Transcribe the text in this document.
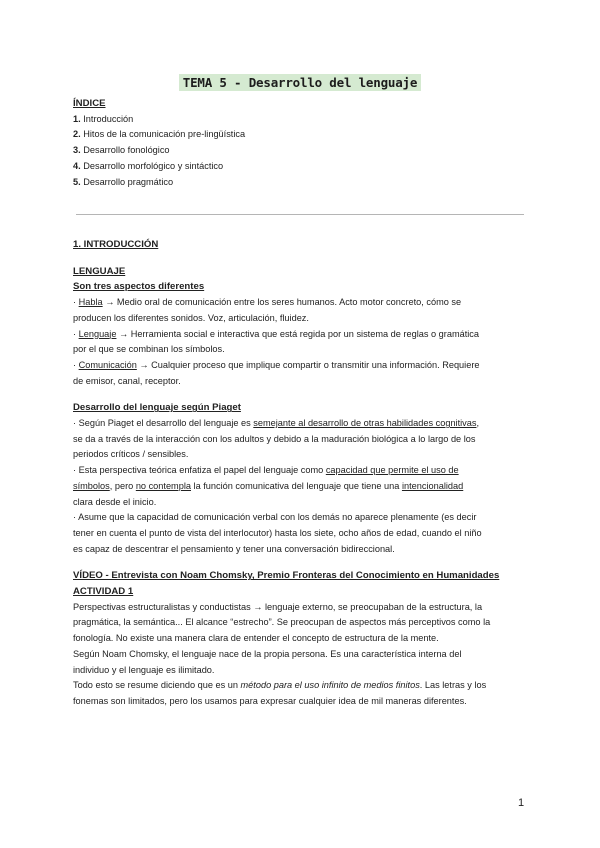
TEMA 5 - Desarrollo del lenguaje
ÍNDICE
1. Introducción
2. Hitos de la comunicación pre-lingüística
3. Desarrollo fonológico
4. Desarrollo morfológico y sintáctico
5. Desarrollo pragmático
1. INTRODUCCIÓN
LENGUAJE
Son tres aspectos diferentes
· Habla → Medio oral de comunicación entre los seres humanos. Acto motor concreto, cómo se
producen los diferentes sonidos. Voz, articulación, fluidez.
· Lenguaje → Herramienta social e interactiva que está regida por un sistema de reglas o gramática
por el que se combinan los símbolos.
· Comunicación → Cualquier proceso que implique compartir o transmitir una información. Requiere
de emisor, canal, receptor.
Desarrollo del lenguaje según Piaget
· Según Piaget el desarrollo del lenguaje es semejante al desarrollo de otras habilidades cognitivas,
se da a través de la interacción con los adultos y debido a la maduración biológica a lo largo de los
periodos críticos / sensibles.
· Esta perspectiva teórica enfatiza el papel del lenguaje como capacidad que permite el uso de
símbolos, pero no contempla la función comunicativa del lenguaje que tiene una intencionalidad
clara desde el inicio.
· Asume que la capacidad de comunicación verbal con los demás no aparece plenamente (es decir
tener en cuenta el punto de vista del interlocutor) hasta los siete, ocho años de edad, cuando el niño
es capaz de descentrar el pensamiento y tener una conversación bidireccional.
VÍDEO - Entrevista con Noam Chomsky, Premio Fronteras del Conocimiento en Humanidades
ACTIVIDAD 1
Perspectivas estructuralistas y conductistas → lenguaje externo, se preocupaban de la estructura, la
pragmática, la semántica... El alcance “estrecho”. Se preocupan de aspectos más perceptivos como la
fonología. No existe una manera clara de entender el concepto de estructura de la mente.
Según Noam Chomsky, el lenguaje nace de la propia persona. Es una característica interna del
individuo y el lenguaje es ilimitado.
Todo esto se resume diciendo que es un método para el uso infinito de medios finitos. Las letras y los
fonemas son limitados, pero los usamos para expresar cualquier idea de mil maneras diferentes.
1
